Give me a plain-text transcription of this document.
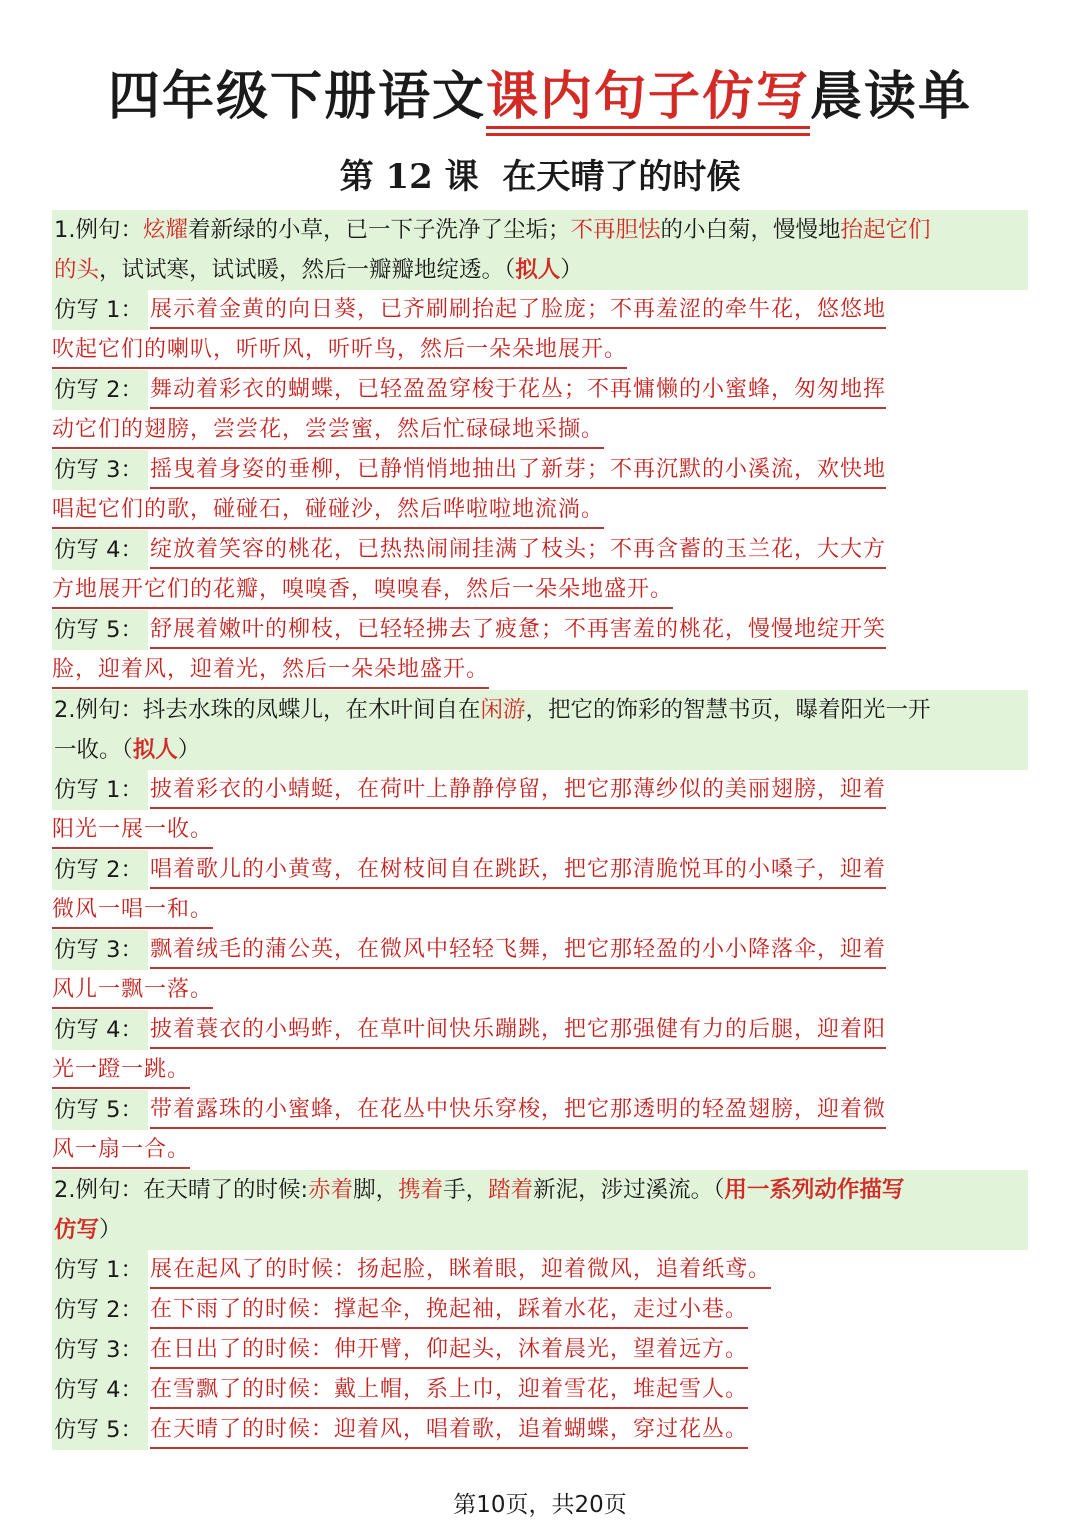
四年级下册语文课内句子仿写晨读单
第 12 课  在天晴了的时候
1.例句：炫耀着新绿的小草，已一下子洗净了尘垢；不再胆怯的小白菊，慢慢地抬起它们
的头，试试寒，试试暖，然后一瓣瓣地绽透。（拟人）
仿写 1： 展示着金黄的向日葵，已齐刷刷抬起了脸庞；不再羞涩的牵牛花，悠悠地
吹起它们的喇叭，听听风，听听鸟，然后一朵朵地展开。
仿写 2： 舞动着彩衣的蝴蝶，已轻盈盈穿梭于花丛；不再慵懒的小蜜蜂，匆匆地挥
动它们的翅膀，尝尝花，尝尝蜜，然后忙碌碌地采撷。
仿写 3： 摇曳着身姿的垂柳，已静悄悄地抽出了新芽；不再沉默的小溪流，欢快地
唱起它们的歌，碰碰石，碰碰沙，然后哗啦啦地流淌。
仿写 4： 绽放着笑容的桃花，已热热闹闹挂满了枝头；不再含蓄的玉兰花，大大方
方地展开它们的花瓣，嗅嗅香，嗅嗅春，然后一朵朵地盛开。
仿写 5： 舒展着嫩叶的柳枝，已轻轻拂去了疲惫；不再害羞的桃花，慢慢地绽开笑
脸，迎着风，迎着光，然后一朵朵地盛开。
2.例句：抖去水珠的凤蝶儿，在木叶间自在闲游，把它的饰彩的智慧书页，曝着阳光一开
一收。（拟人）
仿写 1： 披着彩衣的小蜻蜓，在荷叶上静静停留，把它那薄纱似的美丽翅膀，迎着
阳光一展一收。
仿写 2： 唱着歌儿的小黄莺，在树枝间自在跳跃，把它那清脆悦耳的小嗓子，迎着
微风一唱一和。
仿写 3： 飘着绒毛的蒲公英，在微风中轻轻飞舞，把它那轻盈的小小降落伞，迎着
风儿一飘一落。
仿写 4： 披着蓑衣的小蚂蚱，在草叶间快乐蹦跳，把它那强健有力的后腿，迎着阳
光一蹬一跳。
仿写 5： 带着露珠的小蜜蜂，在花丛中快乐穿梭，把它那透明的轻盈翅膀，迎着微
风一扇一合。
2.例句：在天晴了的时候:赤着脚，携着手，踏着新泥，涉过溪流。（用一系列动作描写
仿写）
仿写 1： 展在起风了的时候：扬起脸，眯着眼，迎着微风，追着纸鸢。
仿写 2： 在下雨了的时候：撑起伞，挽起袖，踩着水花，走过小巷。
仿写 3： 在日出了的时候：伸开臂，仰起头，沐着晨光，望着远方。
仿写 4： 在雪飘了的时候：戴上帽，系上巾，迎着雪花，堆起雪人。
仿写 5： 在天晴了的时候：迎着风，唱着歌，追着蝴蝶，穿过花丛。
第10页，共20页
